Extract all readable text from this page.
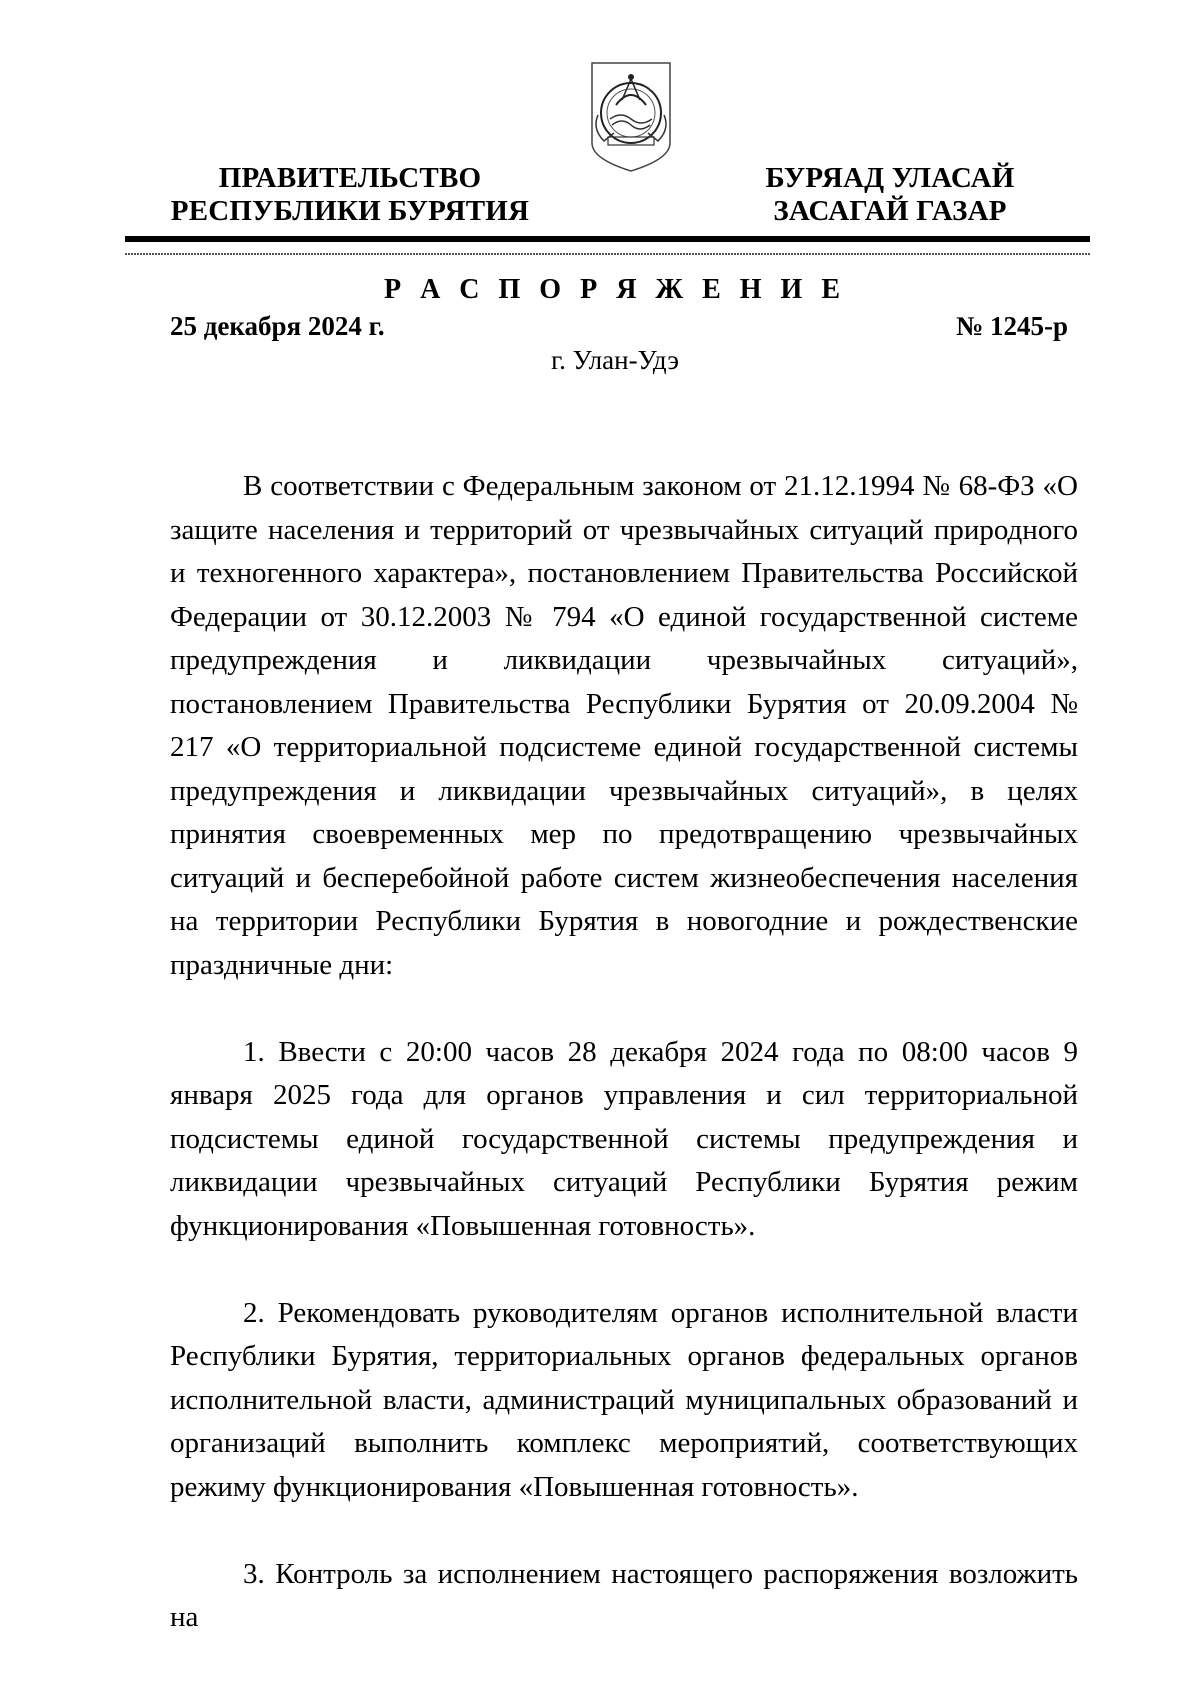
ПРАВИТЕЛЬСТВО
РЕСПУБЛИКИ БУРЯТИЯ
БУРЯАД УЛАСАЙ
ЗАСАГАЙ ГАЗАР
Р А С П О Р Я Ж Е Н И Е
25 декабря 2024 г.	№ 1245-р
г. Улан-Удэ

В соответствии с Федеральным законом от 21.12.1994 № 68-ФЗ «О защите населения и территорий от чрезвычайных ситуаций природного и техногенного характера», постановлением Правительства Российской Федерации от 30.12.2003 № 794 «О единой государственной системе предупреждения и ликвидации чрезвычайных ситуаций», постановлением Правительства Республики Бурятия от 20.09.2004 № 217 «О территориальной подсистеме единой государственной системы предупреждения и ликвидации чрезвычайных ситуаций», в целях принятия своевременных мер по предотвращению чрезвычайных ситуаций и бесперебойной работе систем жизнеобеспечения населения на территории Республики Бурятия в новогодние и рождественские праздничные дни:

1. Ввести с 20:00 часов 28 декабря 2024 года по 08:00 часов 9 января 2025 года для органов управления и сил территориальной подсистемы единой государственной системы предупреждения и ликвидации чрезвычайных ситуаций Республики Бурятия режим функционирования «Повышенная готовность».

2. Рекомендовать руководителям органов исполнительной власти Республики Бурятия, территориальных органов федеральных органов исполнительной власти, администраций муниципальных образований и организаций выполнить комплекс мероприятий, соответствующих режиму функционирования «Повышенная готовность».

3. Контроль за исполнением настоящего распоряжения возложить на
